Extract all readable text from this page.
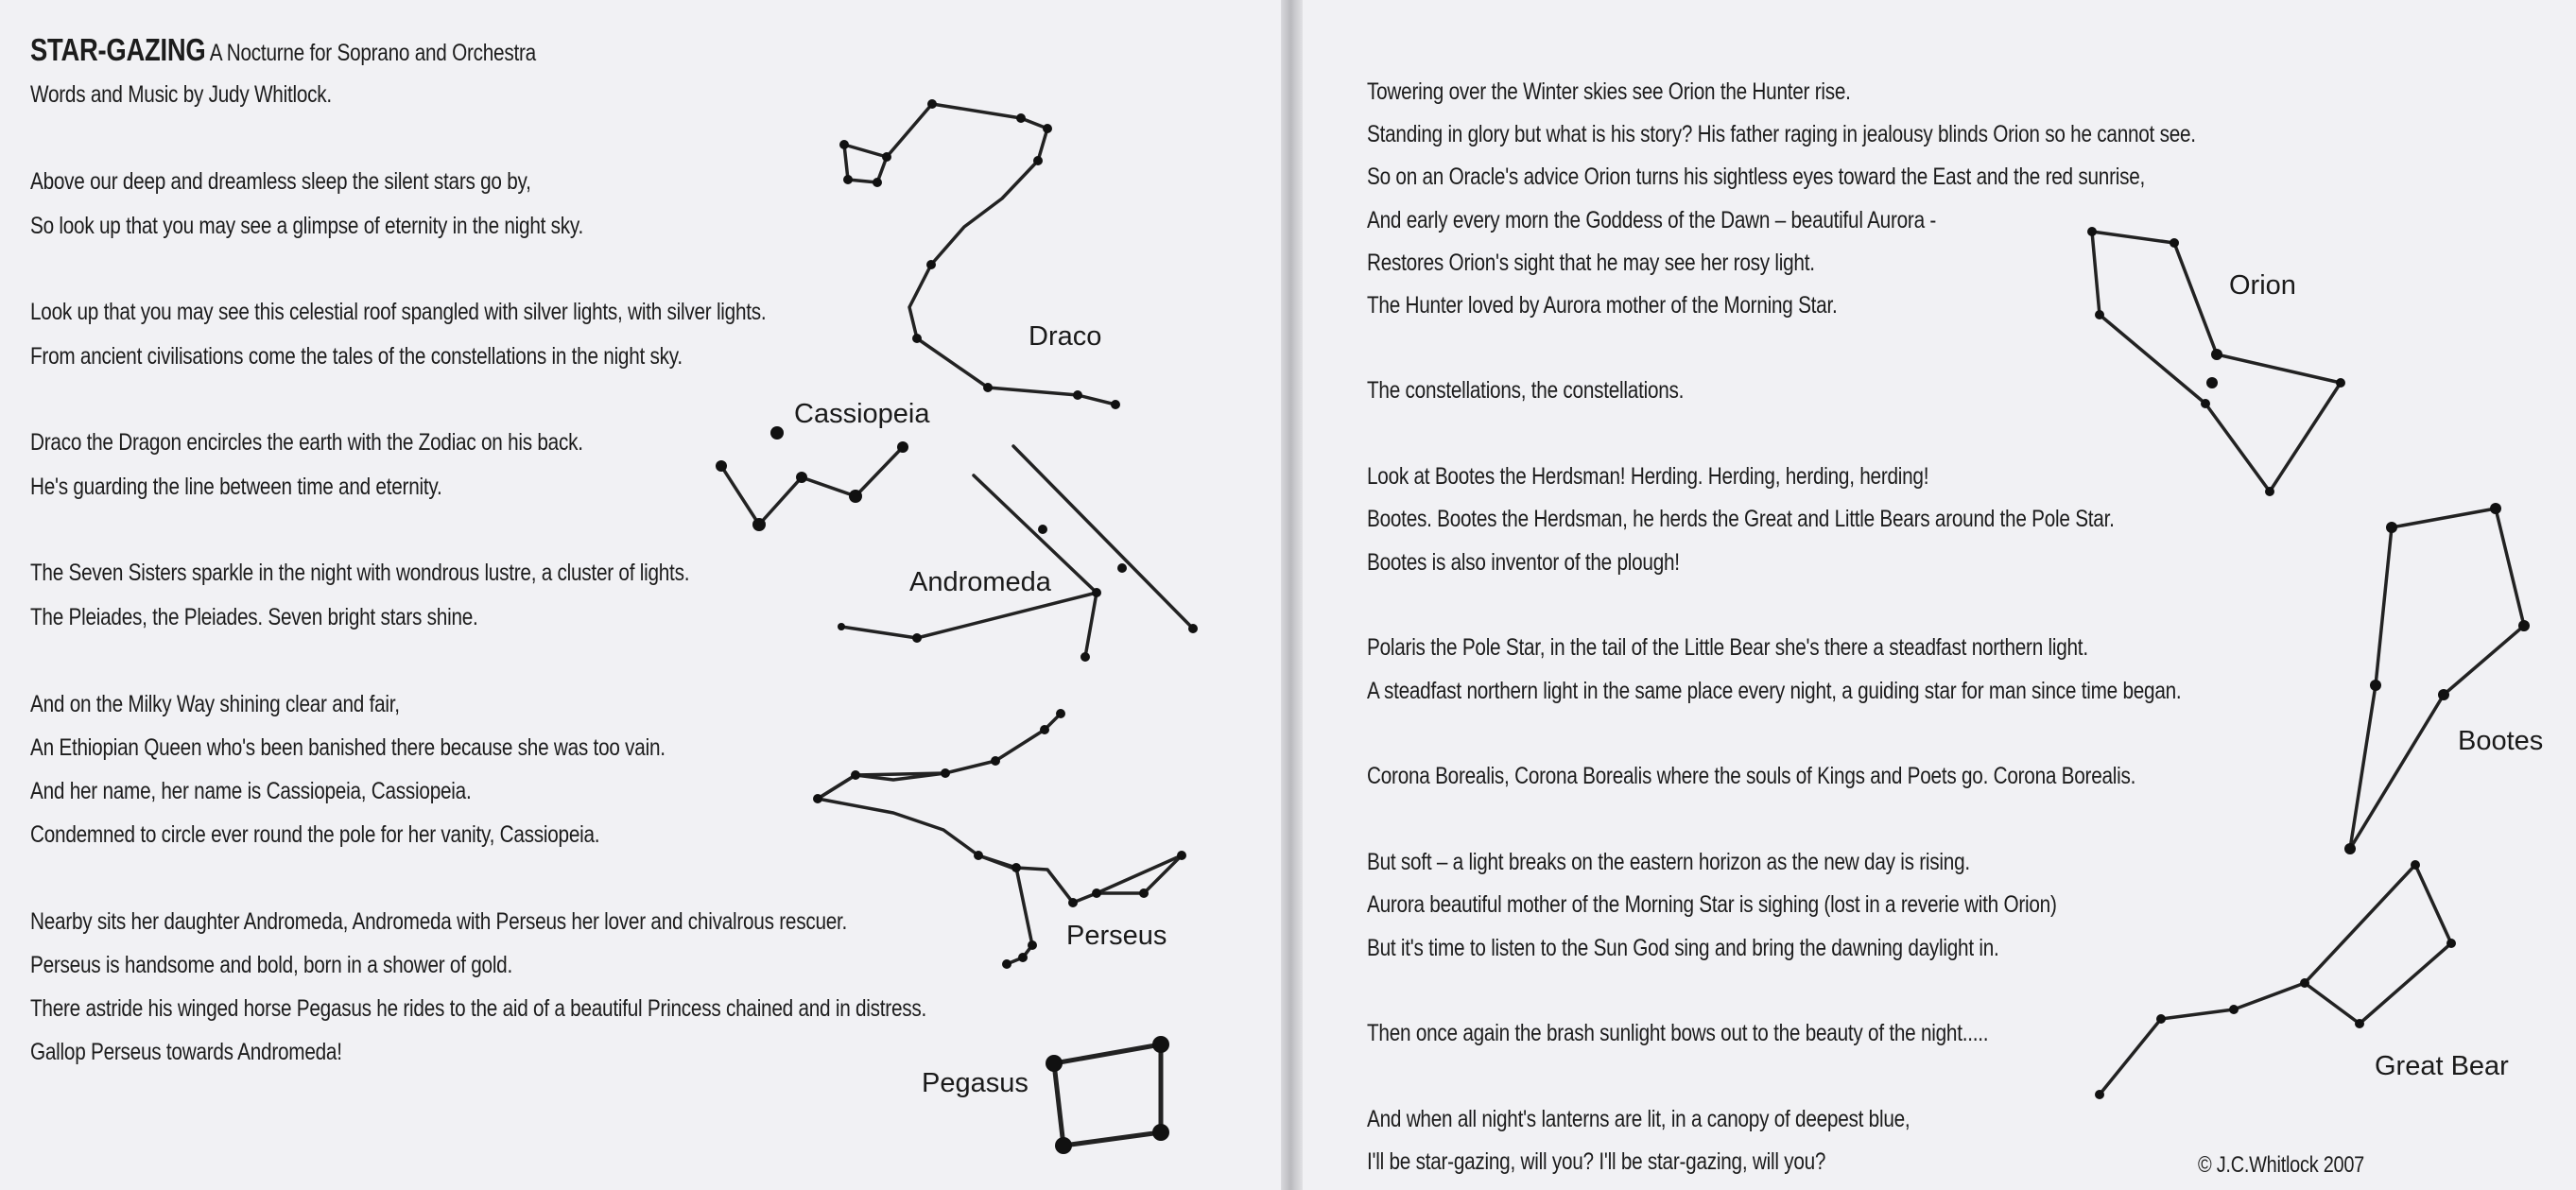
STAR-GAZING A Nocturne for Soprano and Orchestra
Words and Music by Judy Whitlock.
Above our deep and dreamless sleep the silent stars go by,
So look up that you may see a glimpse of eternity in the night sky.
Look up that you may see this celestial roof spangled with silver lights, with silver lights.
From ancient civilisations come the tales of the constellations in the night sky.
Draco the Dragon encircles the earth with the Zodiac on his back.
He's guarding the line between time and eternity.
The Seven Sisters sparkle in the night with wondrous lustre, a cluster of lights.
The Pleiades, the Pleiades. Seven bright stars shine.
And on the Milky Way shining clear and fair,
An Ethiopian Queen who's been banished there because she was too vain.
And her name, her name is Cassiopeia, Cassiopeia.
Condemned to circle ever round the pole for her vanity, Cassiopeia.
Nearby sits her daughter Andromeda, Andromeda with Perseus her lover and chivalrous rescuer.
Perseus is handsome and bold, born in a shower of gold.
There astride his winged horse Pegasus he rides to the aid of a beautiful Princess chained and in distress.
Gallop Perseus towards Andromeda!
Draco
Cassiopeia
Andromeda
Perseus
Pegasus
Towering over the Winter skies see Orion the Hunter rise.
Standing in glory but what is his story? His father raging in jealousy blinds Orion so he cannot see.
So on an Oracle's advice Orion turns his sightless eyes toward the East and the red sunrise,
And early every morn the Goddess of the Dawn – beautiful Aurora -
Restores Orion's sight that he may see her rosy light.
The Hunter loved by Aurora mother of the Morning Star.
The constellations, the constellations.
Look at Bootes the Herdsman! Herding. Herding, herding, herding!
Bootes. Bootes the Herdsman, he herds the Great and Little Bears around the Pole Star.
Bootes is also inventor of the plough!
Polaris the Pole Star, in the tail of the Little Bear she's there a steadfast northern light.
A steadfast northern light in the same place every night, a guiding star for man since time began.
Corona Borealis, Corona Borealis where the souls of Kings and Poets go. Corona Borealis.
But soft – a light breaks on the eastern horizon as the new day is rising.
Aurora beautiful mother of the Morning Star is sighing (lost in a reverie with Orion)
But it's time to listen to the Sun God sing and bring the dawning daylight in.
Then once again the brash sunlight bows out to the beauty of the night.....
And when all night's lanterns are lit, in a canopy of deepest blue,
I'll be star-gazing, will you? I'll be star-gazing, will you?
Orion
Bootes
Great Bear
© J.C.Whitlock 2007
